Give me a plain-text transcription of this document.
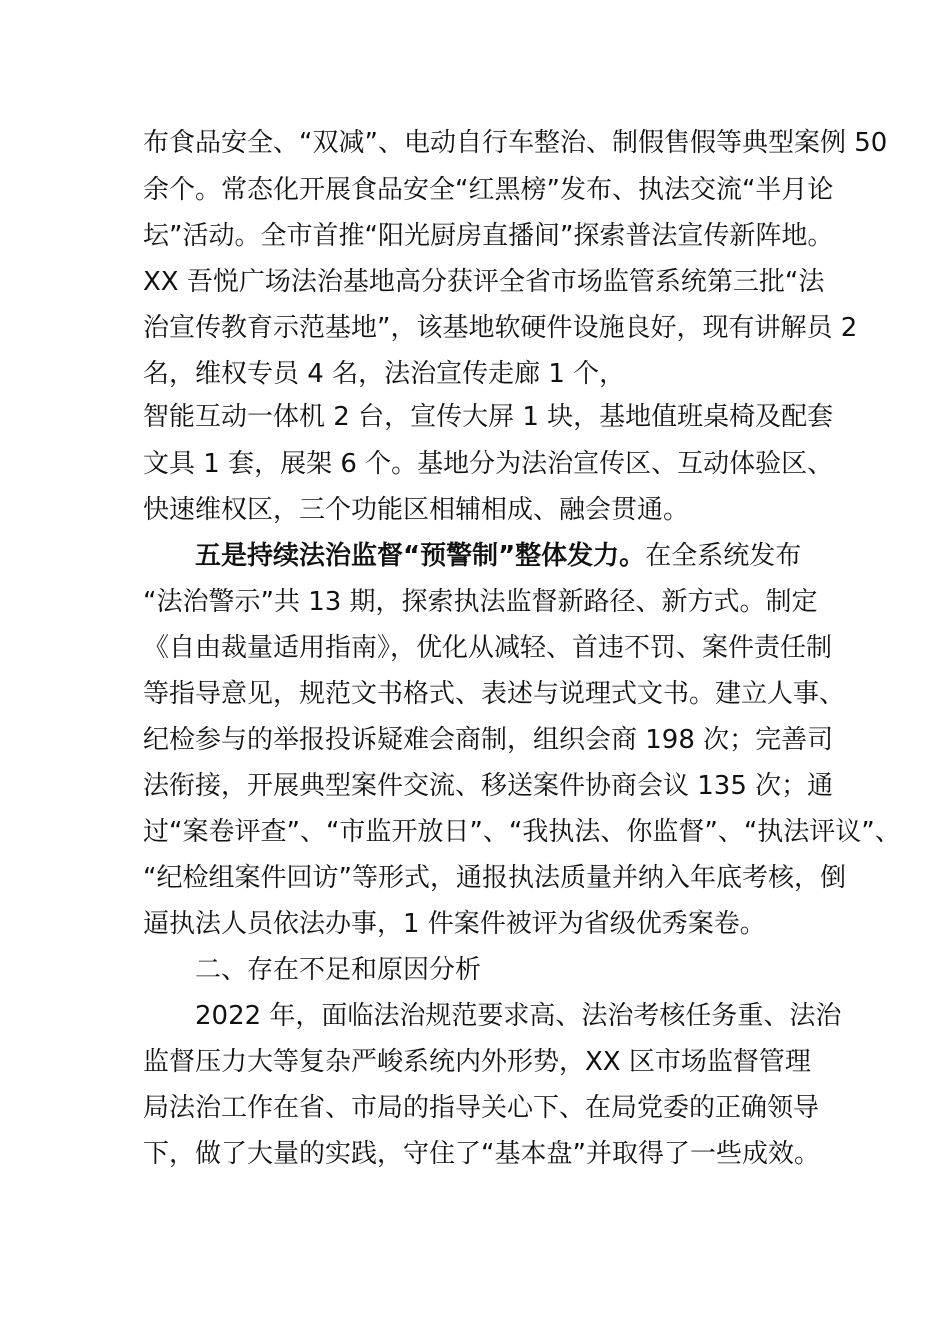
布食品安全、“双减”、电动自行车整治、制假售假等典型案例 50
余个。常态化开展食品安全“红黑榜”发布、执法交流“半月论
坛”活动。全市首推“阳光厨房直播间”探索普法宣传新阵地。
XX 吾悦广场法治基地高分获评全省市场监管系统第三批“法
治宣传教育示范基地”，该基地软硬件设施良好，现有讲解员 2
名，维权专员 4 名，法治宣传走廊 1 个，
智能互动一体机 2 台，宣传大屏 1 块，基地值班桌椅及配套
文具 1 套，展架 6 个。基地分为法治宣传区、互动体验区、
快速维权区，三个功能区相辅相成、融会贯通。
五是持续法治监督“预警制”整体发力。在全系统发布
“法治警示”共 13 期，探索执法监督新路径、新方式。制定
《自由裁量适用指南》，优化从减轻、首违不罚、案件责任制
等指导意见，规范文书格式、表述与说理式文书。建立人事、
纪检参与的举报投诉疑难会商制，组织会商 198 次；完善司
法衔接，开展典型案件交流、移送案件协商会议 135 次；通
过“案卷评查”、“市监开放日”、“我执法、你监督”、“执法评议”、
“纪检组案件回访”等形式，通报执法质量并纳入年底考核，倒
逼执法人员依法办事，1 件案件被评为省级优秀案卷。
二、存在不足和原因分析
2022 年，面临法治规范要求高、法治考核任务重、法治
监督压力大等复杂严峻系统内外形势，XX 区市场监督管理
局法治工作在省、市局的指导关心下、在局党委的正确领导
下，做了大量的实践，守住了“基本盘”并取得了一些成效。
